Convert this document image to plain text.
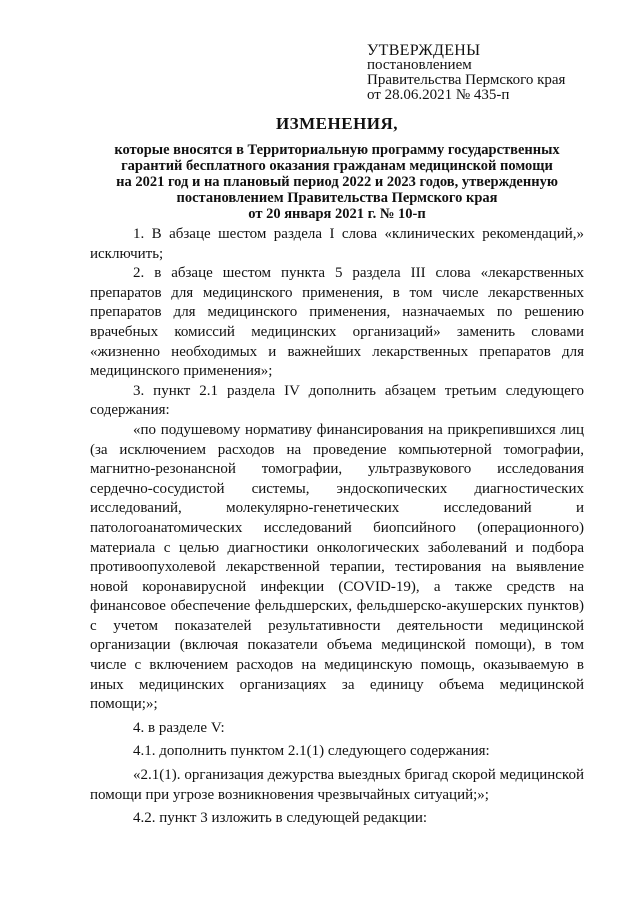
УТВЕРЖДЕНЫ
постановлением
Правительства Пермского края
от 28.06.2021 № 435-п
ИЗМЕНЕНИЯ,
которые вносятся в Территориальную программу государственных
гарантий бесплатного оказания гражданам медицинской помощи
на 2021 год и на плановый период 2022 и 2023 годов, утвержденную
постановлением Правительства Пермского края
от 20 января 2021 г. № 10-п

1. В абзаце шестом раздела I слова «клинических рекомендаций,» исключить;

2. в абзаце шестом пункта 5 раздела III слова «лекарственных препаратов для медицинского применения, в том числе лекарственных препаратов для медицинского применения, назначаемых по решению врачебных комиссий медицинских организаций» заменить словами «жизненно необходимых и важнейших лекарственных препаратов для медицинского применения»;

3. пункт 2.1 раздела IV дополнить абзацем третьим следующего содержания:

«по подушевому нормативу финансирования на прикрепившихся лиц (за исключением расходов на проведение компьютерной томографии, магнитно-резонансной томографии, ультразвукового исследования сердечно-сосудистой системы, эндоскопических диагностических исследований, молекулярно-генетических исследований и патологоанатомических исследований биопсийного (операционного) материала с целью диагностики онкологических заболеваний и подбора противоопухолевой лекарственной терапии, тестирования на выявление новой коронавирусной инфекции (COVID-19), а также средств на финансовое обеспечение фельдшерских, фельдшерско-акушерских пунктов) с учетом показателей результативности деятельности медицинской организации (включая показатели объема медицинской помощи), в том числе с включением расходов на медицинскую помощь, оказываемую в иных медицинских организациях за единицу объема медицинской помощи;»;

4. в разделе V:

4.1. дополнить пунктом 2.1(1) следующего содержания:

«2.1(1). организация дежурства выездных бригад скорой медицинской помощи при угрозе возникновения чрезвычайных ситуаций;»;

4.2. пункт 3 изложить в следующей редакции:
